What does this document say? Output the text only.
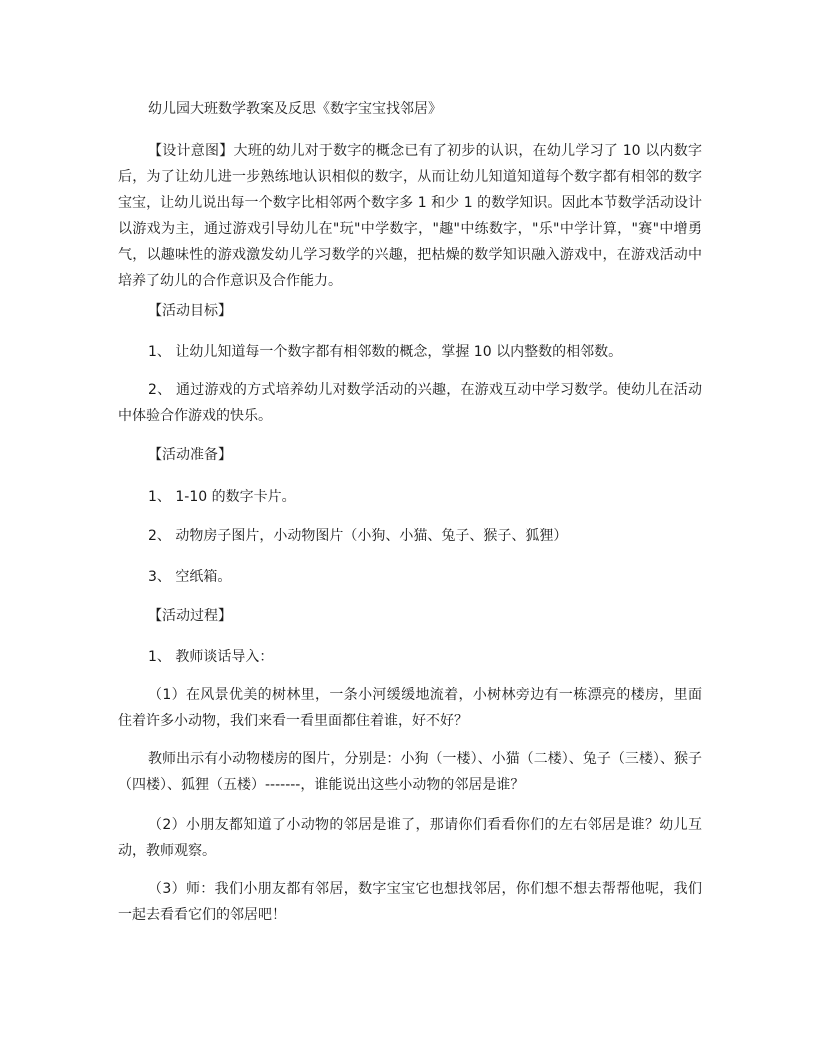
幼儿园大班数学教案及反思《数字宝宝找邻居》
【设计意图】大班的幼儿对于数字的概念已有了初步的认识，在幼儿学习了 10 以内数字后，为了让幼儿进一步熟练地认识相似的数字，从而让幼儿知道知道每个数字都有相邻的数字宝宝，让幼儿说出每一个数字比相邻两个数字多 1 和少 1 的数学知识。因此本节数学活动设计以游戏为主，通过游戏引导幼儿在"玩"中学数字，"趣"中练数字，"乐"中学计算，"赛"中增勇气，以趣味性的游戏激发幼儿学习数学的兴趣，把枯燥的数学知识融入游戏中，在游戏活动中培养了幼儿的合作意识及合作能力。
【活动目标】
1、 让幼儿知道每一个数字都有相邻数的概念，掌握 10 以内整数的相邻数。
2、 通过游戏的方式培养幼儿对数学活动的兴趣，在游戏互动中学习数学。使幼儿在活动中体验合作游戏的快乐。
【活动准备】
1、 1-10 的数字卡片。
2、 动物房子图片，小动物图片（小狗、小猫、兔子、猴子、狐狸）
3、 空纸箱。
【活动过程】
1、 教师谈话导入：
（1）在风景优美的树林里，一条小河缓缓地流着，小树林旁边有一栋漂亮的楼房，里面住着许多小动物，我们来看一看里面都住着谁，好不好？
教师出示有小动物楼房的图片，分别是：小狗（一楼）、小猫（二楼）、兔子（三楼）、猴子（四楼）、狐狸（五楼）-------，谁能说出这些小动物的邻居是谁？
（2）小朋友都知道了小动物的邻居是谁了，那请你们看看你们的左右邻居是谁？幼儿互动，教师观察。
（3）师：我们小朋友都有邻居，数字宝宝它也想找邻居，你们想不想去帮帮他呢，我们一起去看看它们的邻居吧！
